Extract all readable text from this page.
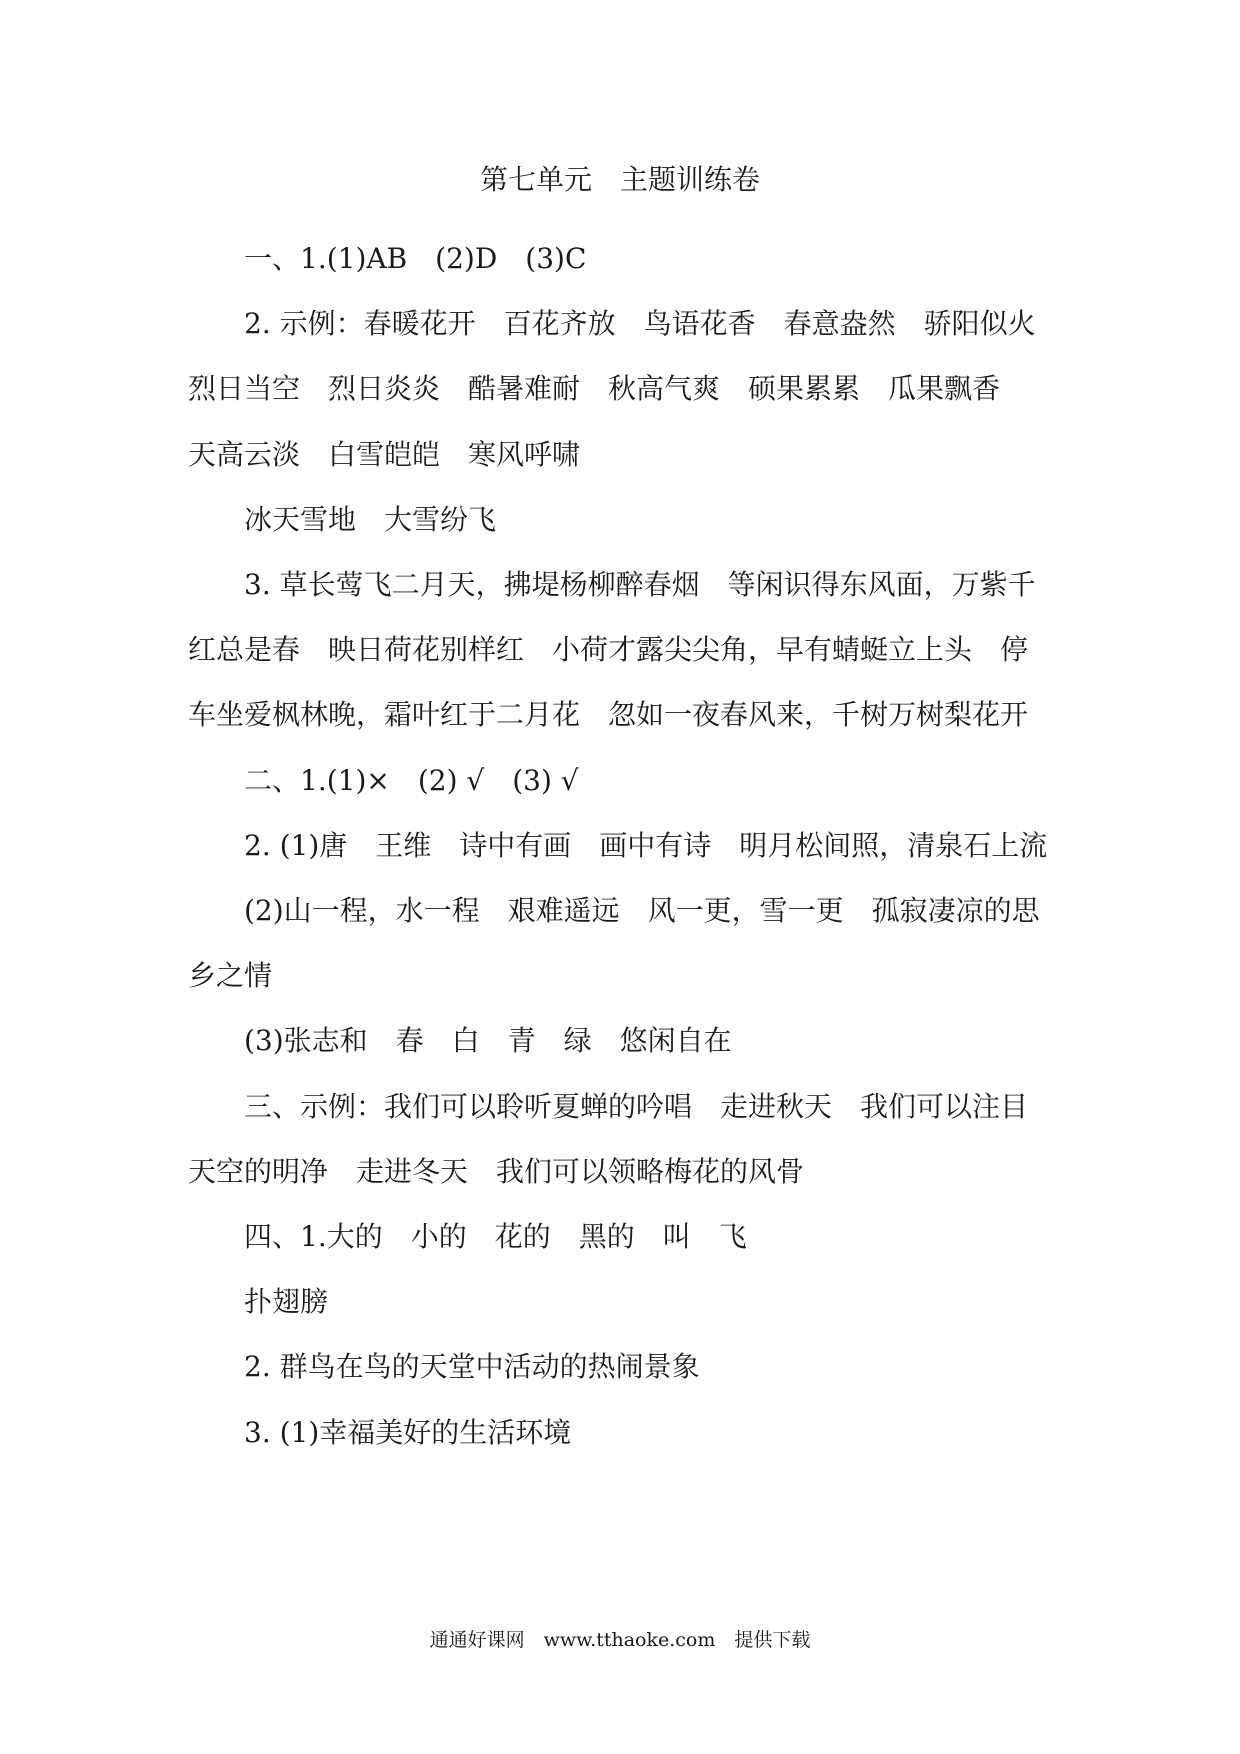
第七单元　主题训练卷

一、1.(1)AB　(2)D　(3)C

2. 示例：春暖花开　百花齐放　鸟语花香　春意盎然　骄阳似火　烈日当空　烈日炎炎　酷暑难耐　秋高气爽　硕果累累　瓜果飘香　天高云淡　白雪皑皑　寒风呼啸

冰天雪地　大雪纷飞

3. 草长莺飞二月天，拂堤杨柳醉春烟　等闲识得东风面，万紫千红总是春　映日荷花别样红　小荷才露尖尖角，早有蜻蜓立上头　停车坐爱枫林晚，霜叶红于二月花　忽如一夜春风来，千树万树梨花开

二、1.(1)×　(2) √　(3) √

2. (1)唐　王维　诗中有画　画中有诗　明月松间照，清泉石上流

(2)山一程，水一程　艰难遥远　风一更，雪一更　孤寂凄凉的思乡之情

(3)张志和　春　白　青　绿　悠闲自在

三、示例：我们可以聆听夏蝉的吟唱　走进秋天　我们可以注目天空的明净　走进冬天　我们可以领略梅花的风骨

四、1.大的　小的　花的　黑的　叫　飞

扑翅膀

2. 群鸟在鸟的天堂中活动的热闹景象

3. (1)幸福美好的生活环境

通通好课网　www.tthaoke.com　提供下载
